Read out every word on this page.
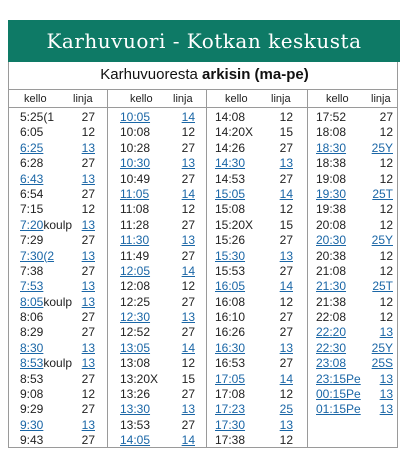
Karhuvuori - Kotkan keskusta
Karhuvuoresta arkisin (ma-pe)
kello linja
5:25(1	27
6:05	12
6:25	13
6:28	27
6:43	13
6:54	27
7:15	12
7:20koulp 13
7:29	27
7:30(2	13
7:38	27
7:53	13
8:05koulp 13
8:06	27
8:29	27
8:30	13
8:53koulp 13
8:53	27
9:08	12
9:29	27
9:30	13
9:43	27
kello linja
10:05	14
10:08	12
10:28	27
10:30	13
10:49	27
11:05	14
11:08	12
11:28	27
11:30	13
11:49	27
12:05	14
12:08	12
12:25	27
12:30	13
12:52	27
13:05	14
13:08	12
13:20X	15
13:26	27
13:30	13
13:53	27
14:05	14
kello linja
14:08	12
14:20X	15
14:26	27
14:30	13
14:53	27
15:05	14
15:08	12
15:20X	15
15:26	27
15:30	13
15:53	27
16:05	14
16:08	12
16:10	27
16:26	27
16:30	13
16:53	27
17:05	14
17:08	12
17:23	25
17:30	13
17:38	12
kello linja
17:52	27
18:08	12
18:30	25Y
18:38	12
19:08	12
19:30	25T
19:38	12
20:08	12
20:30	25Y
20:38	12
21:08	12
21:30	25T
21:38	12
22:08	12
22:20	13
22:30	25Y
23:08	25S
23:15Pe	13
00:15Pe	13
01:15Pe	13
